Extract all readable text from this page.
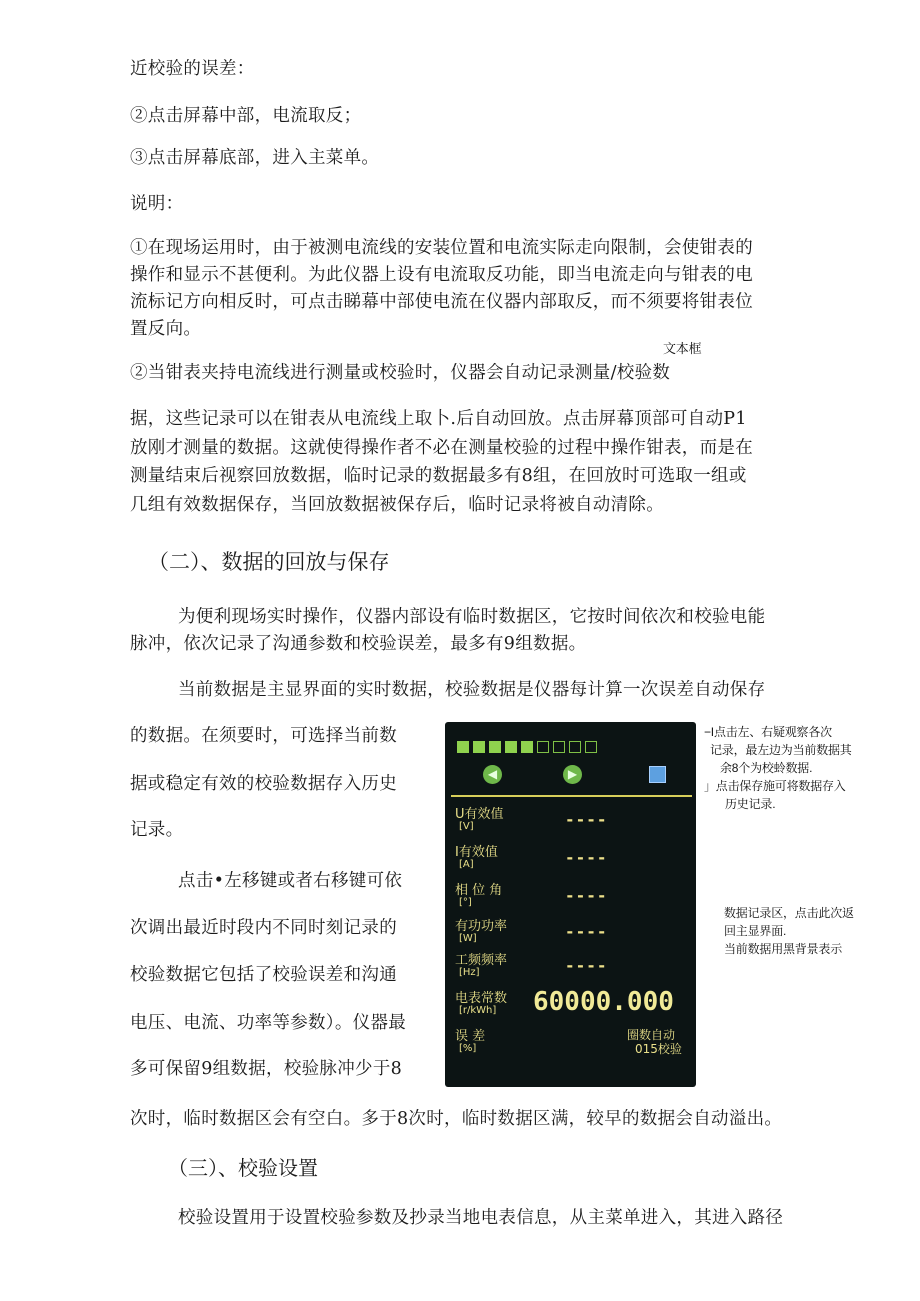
近校验的误差：
②点击屏幕中部，电流取反；
③点击屏幕底部，进入主菜单。
说明：
①在现场运用时，由于被测电流线的安装位置和电流实际走向限制，会使钳表的
操作和显示不甚便利。为此仪器上设有电流取反功能，即当电流走向与钳表的电
流标记方向相反时，可点击睇幕中部使电流在仪器内部取反，而不须要将钳表位
置反向。
文本框
②当钳表夹持电流线进行测量或校验时，仪器会自动记录测量/校验数
据，这些记录可以在钳表从电流线上取卜.后自动回放。点击屏幕顶部可自动P1
放刚才测量的数据。这就使得操作者不必在测量校验的过程中操作钳表，而是在
测量结束后视察回放数据，临时记录的数据最多有8组，在回放时可选取一组或
几组有效数据保存，当回放数据被保存后，临时记录将被自动清除。
（二）、数据的回放与保存
为便利现场实时操作，仪器内部设有临时数据区，它按时间依次和校验电能
脉冲，依次记录了沟通参数和校验误差，最多有9组数据。
当前数据是主显界面的实时数据，校验数据是仪器每计算一次误差自动保存
的数据。在须要时，可选择当前数
据或稳定有效的校验数据存入历史
记录。
点击•左移键或者右移键可依
次调出最近时段内不同时刻记录的
校验数据它包括了校验误差和沟通
电压、电流、功率等参数）。仪器最
多可保留9组数据，校验脉冲少于8
次时，临时数据区会有空白。多于8次时，临时数据区满，较早的数据会自动溢出。
（三）、校验设置
校验设置用于设置校验参数及抄录当地电表信息，从主菜单进入，其进入路径
◀	▶
U有效值
[V]	----
I有效值
[A]	----
相 位 角
[°]	----
有功功率
[W]	----
工频频率
[Hz]	----
电表常数
[r/kWh]	60000.000
误 差
[%]
圈数自动
015校验
−Ι点击左、右疑观察各次
记录，最左边为当前数据其
余8个为校蛉数据.
」点击保存施可将数据存入
历史记录.
数据记录区，点击此次返
回主显界面.
当前数据用黑背景表示
